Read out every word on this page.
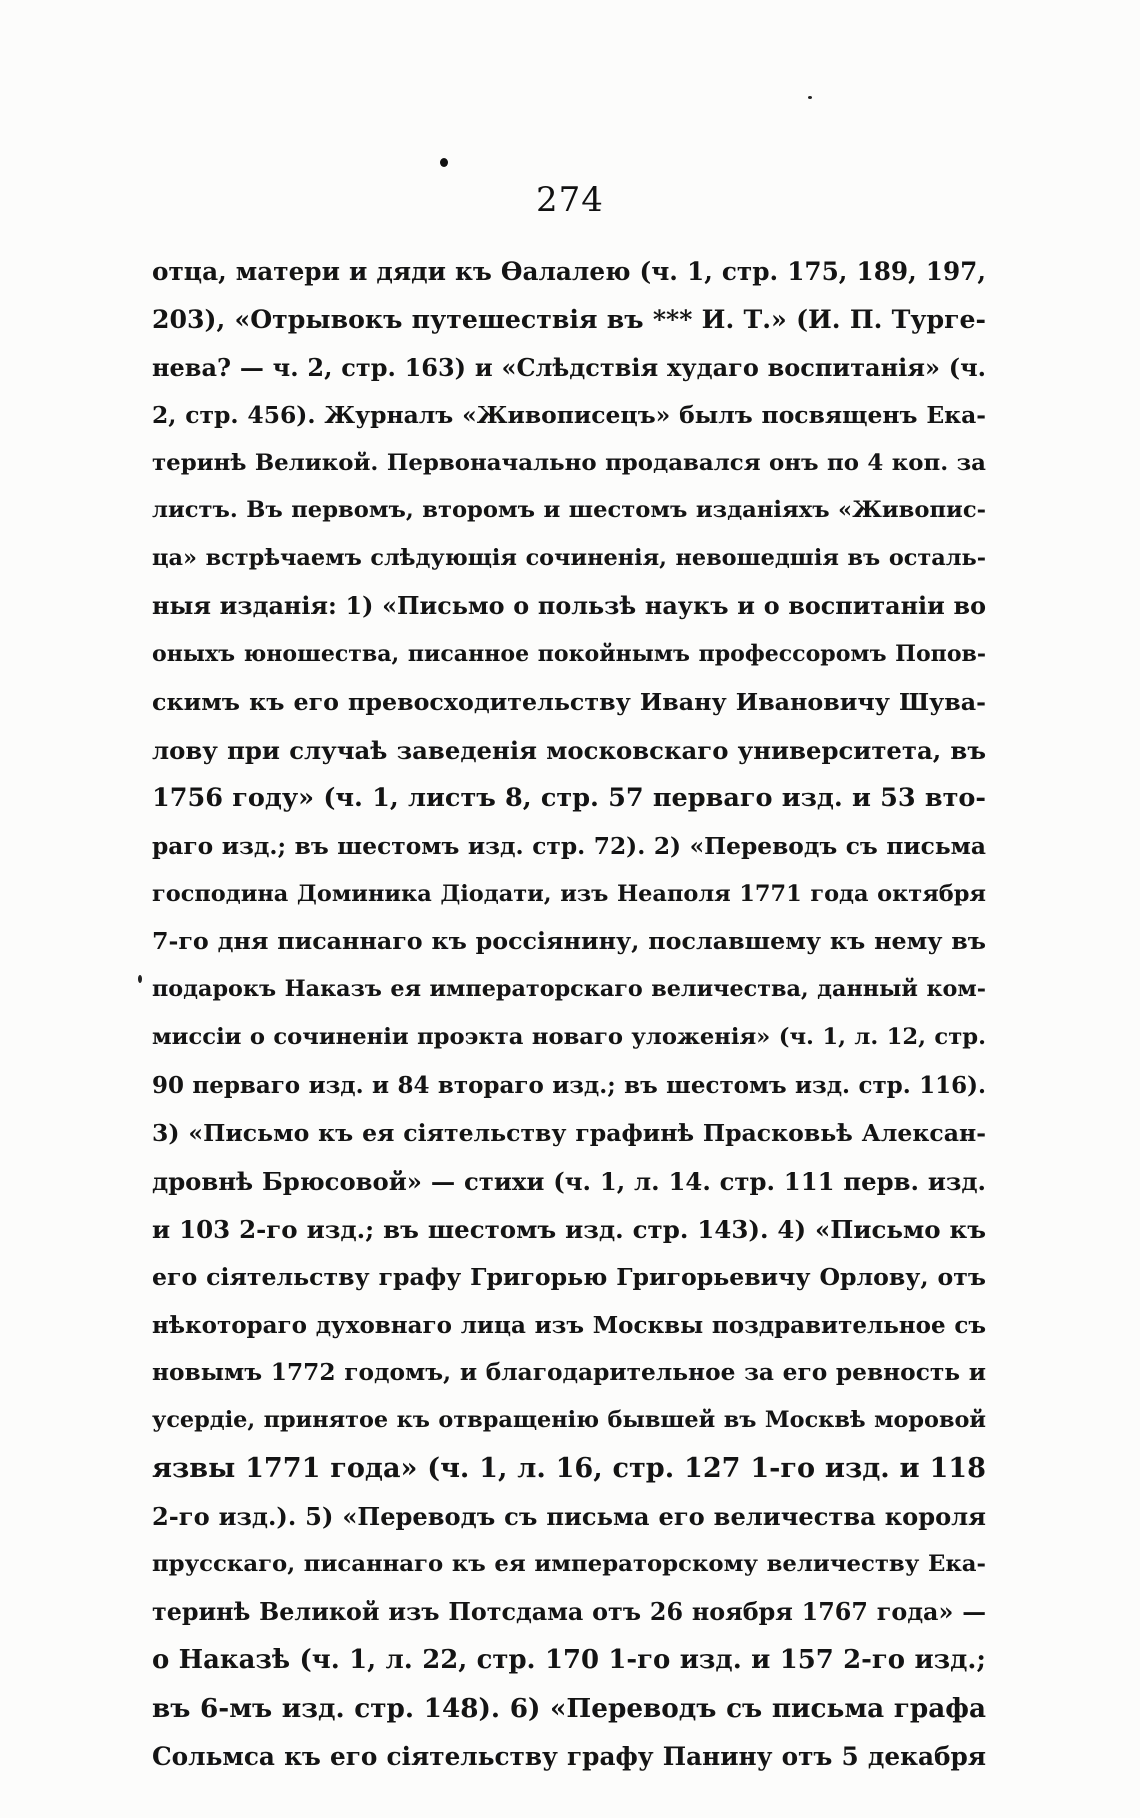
274
отца, матери и дяди къ Ѳалалею (ч. 1, стр. 175, 189, 197,
203), «Отрывокъ путешествія въ *** И. Т.» (И. П. Турге-
нева? — ч. 2, стр. 163) и «Слѣдствія худаго воспитанія» (ч.
2, стр. 456). Журналъ «Живописецъ» былъ посвященъ Ека-
теринѣ Великой. Первоначально продавался онъ по 4 коп. за
листъ. Въ первомъ, второмъ и шестомъ изданіяхъ «Живопис-
ца» встрѣчаемъ слѣдующія сочиненія, невошедшія въ осталь-
ныя изданія: 1) «Письмо о пользѣ наукъ и о воспитаніи во
оныхъ юношества, писанное покойнымъ профессоромъ Попов-
скимъ къ его превосходительству Ивану Ивановичу Шува-
лову при случаѣ заведенія московскаго университета, въ
1756 году» (ч. 1, листъ 8, стр. 57 перваго изд. и 53 вто-
раго изд.; въ шестомъ изд. стр. 72). 2) «Переводъ съ письма
господина Доминика Діодати, изъ Неаполя 1771 года октября
7-го дня писаннаго къ россіянину, пославшему къ нему въ
подарокъ Наказъ ея императорскаго величества, данный ком-
миссіи о сочиненіи проэкта новаго уложенія» (ч. 1, л. 12, стр.
90 перваго изд. и 84 втораго изд.; въ шестомъ изд. стр. 116).
3) «Письмо къ ея сіятельству графинѣ Прасковьѣ Алексан-
дровнѣ Брюсовой» — стихи (ч. 1, л. 14. стр. 111 перв. изд.
и 103 2-го изд.; въ шестомъ изд. стр. 143). 4) «Письмо къ
его сіятельству графу Григорью Григорьевичу Орлову, отъ
нѣкотораго духовнаго лица изъ Москвы поздравительное съ
новымъ 1772 годомъ, и благодарительное за его ревность и
усердіе, принятое къ отвращенію бывшей въ Москвѣ моровой
язвы 1771 года» (ч. 1, л. 16, стр. 127 1-го изд. и 118
2-го изд.). 5) «Переводъ съ письма его величества короля
прусскаго, писаннаго къ ея императорскому величеству Ека-
теринѣ Великой изъ Потсдама отъ 26 ноября 1767 года» —
о Наказѣ (ч. 1, л. 22, стр. 170 1-го изд. и 157 2-го изд.;
въ 6-мъ изд. стр. 148). 6) «Переводъ съ письма графа
Сольмса къ его сіятельству графу Панину отъ 5 декабря
